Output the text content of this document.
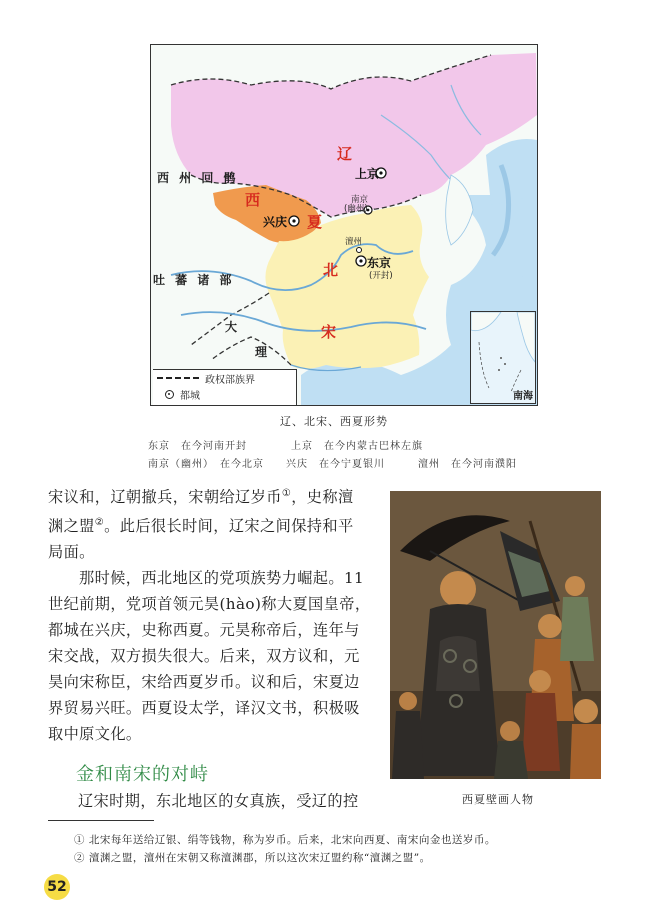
辽
西
夏
北
宋
西 州 回 鹘
吐 蕃 诸 部
大
理
上京
南京
(幽州)
兴庆
澶州
东京
(开封)
政权部族界
都城	南海
辽、北宋、西夏形势
东京　在今河南开封　　　　上京　在今内蒙古巴林左旗
南京（幽州）　在今北京　　兴庆　在今宁夏银川　　　澶州　在今河南濮阳

宋议和，辽朝撤兵，宋朝给辽岁币①，史称澶

渊之盟②。此后很长时间，辽宋之间保持和平

局面。

那时候，西北地区的党项族势力崛起。11

世纪前期，党项首领元昊(hào)称大夏国皇帝，

都城在兴庆，史称西夏。元昊称帝后，连年与

宋交战，双方损失很大。后来，双方议和，元

昊向宋称臣，宋给西夏岁币。议和后，宋夏边

界贸易兴旺。西夏设太学，译汉文书，积极吸

取中原文化。

西夏壁画人物
金和南宋的对峙
辽宋时期，东北地区的女真族，受辽的控
① 北宋每年送给辽银、绢等钱物，称为岁币。后来，北宋向西夏、南宋向金也送岁币。
② 澶渊之盟，澶州在宋朝又称澶渊郡，所以这次宋辽盟约称“澶渊之盟”。
52
